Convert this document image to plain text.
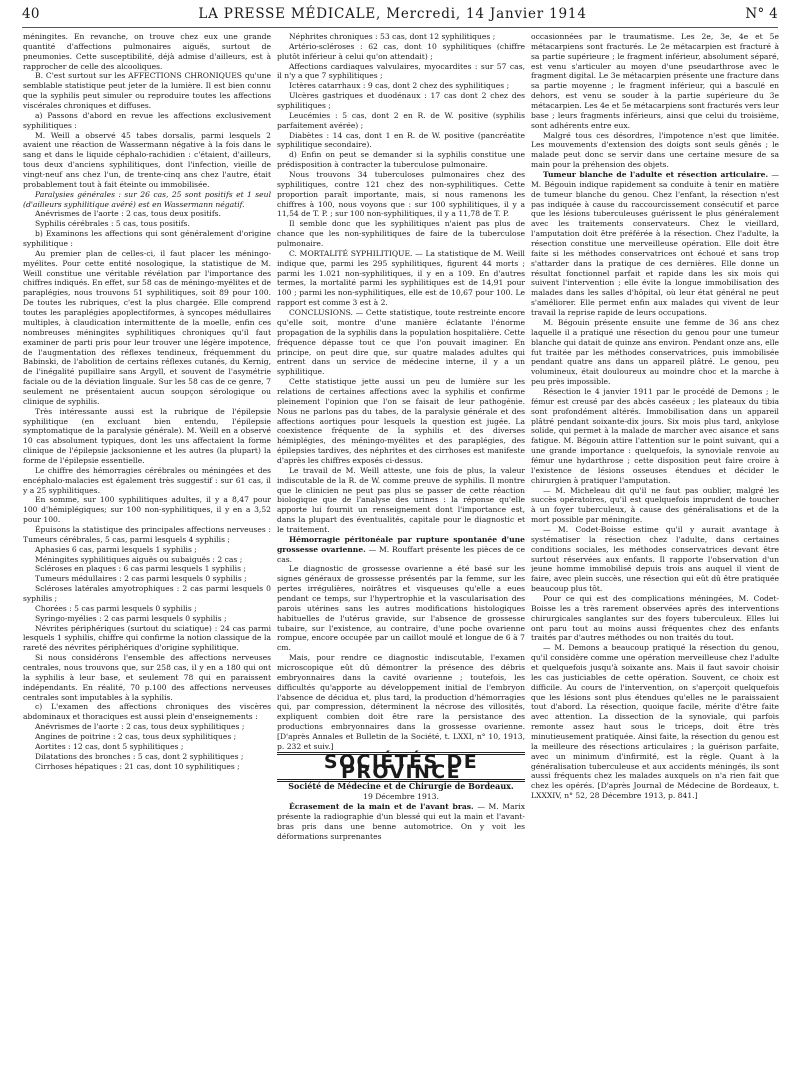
40	LA PRESSE MÉDICALE, Mercredi, 14 Janvier 1914	N° 4

méningites. En revanche, on trouve chez eux une grande quantité d'affections pulmonaires aiguës, surtout de pneumonies. Cette susceptibilité, déjà admise d'ailleurs, est à rapprocher de celle des alcooliques.

B. C'est surtout sur les AFFECTIONS CHRONIQUES qu'une semblable statistique peut jeter de la lumière. Il est bien connu que la syphilis peut simuler ou reproduire toutes les affections viscérales chroniques et diffuses.

a) Passons d'abord en revue les affections exclusivement syphilitiques :

M. Weill a observé 45 tabes dorsalis, parmi lesquels 2 avaient une réaction de Wassermann négative à la fois dans le sang et dans le liquide céphalo-rachidien : c'étaient, d'ailleurs, tous deux d'anciens syphilitiques, dont l'infection, vieille de vingt-neuf ans chez l'un, de trente-cinq ans chez l'autre, était probablement tout à fait éteinte ou immobilisée.

Paralysies générales : sur 26 cas, 25 sont positifs et 1 seul (d'ailleurs syphilitique avéré) est en Wassermann négatif.

Anévrismes de l'aorte : 2 cas, tous deux positifs.

Syphilis cérébrales : 5 cas, tous positifs.

b) Examinons les affections qui sont généralement d'origine syphilitique :

Au premier plan de celles-ci, il faut placer les méningo-myélites. Pour cette entité nosologique, la statistique de M. Weill constitue une véritable révélation par l'importance des chiffres indiqués. En effet, sur 58 cas de méningo-myélites et de paraplégies, nous trouvons 51 syphilitiques, soit 89 pour 100. De toutes les rubriques, c'est la plus chargée. Elle comprend toutes les paraplégies apoplectiformes, à syncopes médullaires multiples, à claudication intermittente de la moelle, enfin ces nombreuses méningites syphilitiques chroniques qu'il faut examiner de parti pris pour leur trouver une légère impotence, de l'augmentation des réflexes tendineux, fréquemment du Babinski, de l'abolition de certains réflexes cutanés, du Kernig, de l'inégalité pupillaire sans Argyll, et souvent de l'asymétrie faciale ou de la déviation linguale. Sur les 58 cas de ce genre, 7 seulement ne présentaient aucun soupçon sérologique ou clinique de syphilis.

Très intéressante aussi est la rubrique de l'épilepsie syphilitique (en excluant bien entendu, l'épilepsie symptomatique de la paralysie générale). M. Weill en a observé 10 cas absolument typiques, dont les uns affectaient la forme clinique de l'épilepsie jacksonienne et les autres (la plupart) la forme de l'épilepsie essentielle.

Le chiffre des hémorragies cérébrales ou méningées et des encéphalo-malacies est également très suggestif : sur 61 cas, il y a 25 syphilitiques.

En somme, sur 100 syphilitiques adultes, il y a 8,47 pour 100 d'hémiplégiques; sur 100 non-syphilitiques, il y en a 3,52 pour 100.

Épuisons la statistique des principales affections nerveuses : Tumeurs cérébrales, 5 cas, parmi lesquels 4 syphilis ;

Aphasies 6 cas, parmi lesquels 1 syphilis ;

Méningites syphilitiques aiguës ou subaiguës : 2 cas ;

Scléroses en plaques : 6 cas parmi lesquels 1 syphilis ;

Tumeurs médullaires : 2 cas parmi lesquels 0 syphilis ;

Scléroses latérales amyotrophiques : 2 cas parmi lesquels 0 syphilis ;

Chorées : 5 cas parmi lesquels 0 syphilis ;

Syringo-myélies : 2 cas parmi lesquels 0 syphilis ;

Névrites périphériques (surtout du sciatique) : 24 cas parmi lesquels 1 syphilis, chiffre qui confirme la notion classique de la rareté des névrites périphériques d'origine syphilitique.

Si nous considérons l'ensemble des affections nerveuses centrales, nous trouvons que, sur 258 cas, il y en a 180 qui ont la syphilis à leur base, et seulement 78 qui en paraissent indépendants. En réalité, 70 p.100 des affections nerveuses centrales sont imputables à la syphilis.

c) L'examen des affections chroniques des viscères abdominaux et thoraciques est aussi plein d'enseignements :

Anévrismes de l'aorte : 2 cas, tous deux syphilitiques ;

Angines de poitrine : 2 cas, tous deux syphilitiques ;

Aortites : 12 cas, dont 5 syphilitiques ;

Dilatations des bronches : 5 cas, dont 2 syphilitiques ;

Cirrhoses hépatiques : 21 cas, dont 10 syphilitiques ;

Néphrites chroniques : 53 cas, dont 12 syphilitiques ;

Artério-scléroses : 62 cas, dont 10 syphilitiques (chiffre plutôt inférieur à celui qu'on attendait) ;

Affections cardiaques valvulaires, myocardites : sur 57 cas, il n'y a que 7 syphilitiques ;

Ictères catarrhaux : 9 cas, dont 2 chez des syphilitiques ;

Ulcères gastriques et duodénaux : 17 cas dont 2 chez des syphilitiques ;

Leucémies : 5 cas, dont 2 en R. de W. positive (syphilis parfaitement avérée) ;

Diabètes : 14 cas, dont 1 en R. de W. positive (pancréatite syphilitique secondaire).

d) Enfin on peut se demander si la syphilis constitue une prédisposition à contracter la tuberculose pulmonaire.

Nous trouvons 34 tuberculoses pulmonaires chez des syphilitiques, contre 121 chez des non-syphilitiques. Cette proportion paraît importante, mais, si nous ramenons les chiffres à 100, nous voyons que : sur 100 syphilitiques, il y a 11,54 de T. P. ; sur 100 non-syphilitiques, il y a 11,78 de T. P.

Il semble donc que les syphilitiques n'aient pas plus de chance que les non-syphilitiques de faire de la tuberculose pulmonaire.

C. MORTALITÉ SYPHILITIQUE. — La statistique de M. Weill indique que, parmi les 295 syphilitiques, figurent 44 morts ; parmi les 1.021 non-syphilitiques, il y en a 109. En d'autres termes, la mortalité parmi les syphilitiques est de 14,91 pour 100 ; parmi les non-syphilitiques, elle est de 10,67 pour 100. Le rapport est comme 3 est à 2.

CONCLUSIONS. — Cette statistique, toute restreinte encore qu'elle soit, montre d'une manière éclatante l'énorme propagation de la syphilis dans la population hospitalière. Cette fréquence dépasse tout ce que l'on pouvait imaginer. En principe, on peut dire que, sur quatre malades adultes qui entrent dans un service de médecine interne, il y a un syphilitique.

Cette statistique jette aussi un peu de lumière sur les relations de certaines affections avec la syphilis et confirme pleinement l'opinion que l'on se faisait de leur pathogénie. Nous ne parlons pas du tabes, de la paralysie générale et des affections aortiques pour lesquels la question est jugée. La coexistence fréquente de la syphilis et des diverses hémiplégies, des méningo-myélites et des paraplégies, des épilepsies tardives, des néphrites et des cirrhoses est manifeste d'après les chiffres exposés ci-dessus.

Le travail de M. Weill atteste, une fois de plus, la valeur indiscutable de la R. de W. comme preuve de syphilis. Il montre que le clinicien ne peut pas plus se passer de cette réaction biologique que de l'analyse des urines : la réponse qu'elle apporte lui fournit un renseignement dont l'importance est, dans la plupart des éventualités, capitale pour le diagnostic et le traitement.

Hémorragie péritonéale par rupture spontanée d'une grossesse ovarienne. — M. Rouffart présente les pièces de ce cas.

Le diagnostic de grossesse ovarienne a été basé sur les signes généraux de grossesse présentés par la femme, sur les pertes irrégulières, noirâtres et visqueuses qu'elle a eues pendant ce temps, sur l'hypertrophie et la vascularisation des parois utérines sans les autres modifications histologiques habituelles de l'utérus gravide, sur l'absence de grossesse tubaire, sur l'existence, au contraire, d'une poche ovarienne rompue, encore occupée par un caillot moulé et longue de 6 à 7 cm.

Mais, pour rendre ce diagnostic indiscutable, l'examen microscopique eût dû démontrer la présence des débris embryonnaires dans la cavité ovarienne ; toutefois, les difficultés qu'apporte au développement initial de l'embryon l'absence de décidua et, plus tard, la production d'hémorragies qui, par compression, déterminent la nécrose des villosités, expliquent combien doit être rare la persistance des productions embryonnaires dans la grossesse ovarienne. [D'après Annales et Bulletin de la Société, t. LXXI, n° 10, 1913, p. 232 et suiv.]

SOCIÉTÉS DE PROVINCE

Société de Médecine et de Chirurgie de Bordeaux.

19 Décembre 1913.

Écrasement de la main et de l'avant bras. — M. Marix présente la radiographie d'un blessé qui eut la main et l'avant-bras pris dans une benne automotrice. On y voit les déformations surprenantes

occasionnées par le traumatisme. Les 2e, 3e, 4e et 5e métacarpiens sont fracturés. Le 2e métacarpien est fracturé à sa partie supérieure ; le fragment inférieur, absolument séparé, est venu s'articuler au moyen d'une pseudarthrose avec le fragment digital. Le 3e métacarpien présente une fracture dans sa partie moyenne ; le fragment inférieur, qui a basculé en dehors, est venu se souder à la partie supérieure du 3e métacarpien. Les 4e et 5e métacarpiens sont fracturés vers leur base ; leurs fragments inférieurs, ainsi que celui du troisième, sont adhérents entre eux.

Malgré tous ces désordres, l'impotence n'est que limitée. Les mouvements d'extension des doigts sont seuls gênés ; le malade peut donc se servir dans une certaine mesure de sa main pour la préhension des objets.

Tumeur blanche de l'adulte et résection articulaire. — M. Bégouin indique rapidement sa conduite à tenir en matière de tumeur blanche du genou. Chez l'enfant, la résection n'est pas indiquée à cause du raccourcissement consécutif et parce que les lésions tuberculeuses guérissent le plus généralement avec les traitements conservateurs. Chez le vieillard, l'amputation doit être préférée à la résection. Chez l'adulte, la résection constitue une merveilleuse opération. Elle doit être faite si les méthodes conservatrices ont échoué et sans trop s'attarder dans la pratique de ces dernières. Elle donne un résultat fonctionnel parfait et rapide dans les six mois qui suivent l'intervention ; elle évite la longue immobilisation des malades dans les salles d'hôpital, où leur état général ne peut s'améliorer. Elle permet enfin aux malades qui vivent de leur travail la reprise rapide de leurs occupations.

M. Bégouin présente ensuite une femme de 36 ans chez laquelle il a pratiqué une résection du genou pour une tumeur blanche qui datait de quinze ans environ. Pendant onze ans, elle fut traitée par les méthodes conservatrices, puis immobilisée pendant quatre ans dans un appareil plâtré. Le genou, peu volumineux, était douloureux au moindre choc et la marche à peu près impossible.

Résection le 4 janvier 1911 par le procédé de Demons ; le fémur est creusé par des abcès caséeux ; les plateaux du tibia sont profondément altérés. Immobilisation dans un appareil plâtré pendant soixante-dix jours. Six mois plus tard, ankylose solide, qui permet à la malade de marcher avec aisance et sans fatigue. M. Bégouin attire l'attention sur le point suivant, qui a une grande importance : quelquefois, la synoviale renvoie au fémur une hydarthrose ; cette disposition peut faire croire à l'existence de lésions osseuses étendues et décider le chirurgien à pratiquer l'amputation.

— M. Micheleau dit qu'il ne faut pas oublier, malgré les succès opératoires, qu'il est quelquefois imprudent de toucher à un foyer tuberculeux, à cause des généralisations et de la mort possible par méningite.

— M. Codet-Boisse estime qu'il y aurait avantage à systématiser la résection chez l'adulte, dans certaines conditions sociales, les méthodes conservatrices devant être surtout réservées aux enfants. Il rapporte l'observation d'un jeune homme immobilisé depuis trois ans auquel il vient de faire, avec plein succès, une résection qui eût dû être pratiquée beaucoup plus tôt.

Pour ce qui est des complications méningées, M. Codet-Boisse les a très rarement observées après des interventions chirurgicales sanglantes sur des foyers tuberculeux. Elles lui ont paru tout au moins aussi fréquentes chez des enfants traités par d'autres méthodes ou non traités du tout.

— M. Demons a beaucoup pratiqué la résection du genou, qu'il considère comme une opération merveilleuse chez l'adulte et quelquefois jusqu'à soixante ans. Mais il faut savoir choisir les cas justiciables de cette opération. Souvent, ce choix est difficile. Au cours de l'intervention, on s'aperçoit quelquefois que les lésions sont plus étendues qu'elles ne le paraissaient tout d'abord. La résection, quoique facile, mérite d'être faite avec attention. La dissection de la synoviale, qui parfois remonte assez haut sous le triceps, doit être très minutieusement pratiquée. Ainsi faite, la résection du genou est la meilleure des résections articulaires ; la guérison parfaite, avec un minimum d'infirmité, est la règle. Quant à la généralisation tuberculeuse et aux accidents méningés, ils sont aussi fréquents chez les malades auxquels on n'a rien fait que chez les opérés. [D'après Journal de Médecine de Bordeaux, t. LXXXIV, n° 52, 28 Décembre 1913, p. 841.]
